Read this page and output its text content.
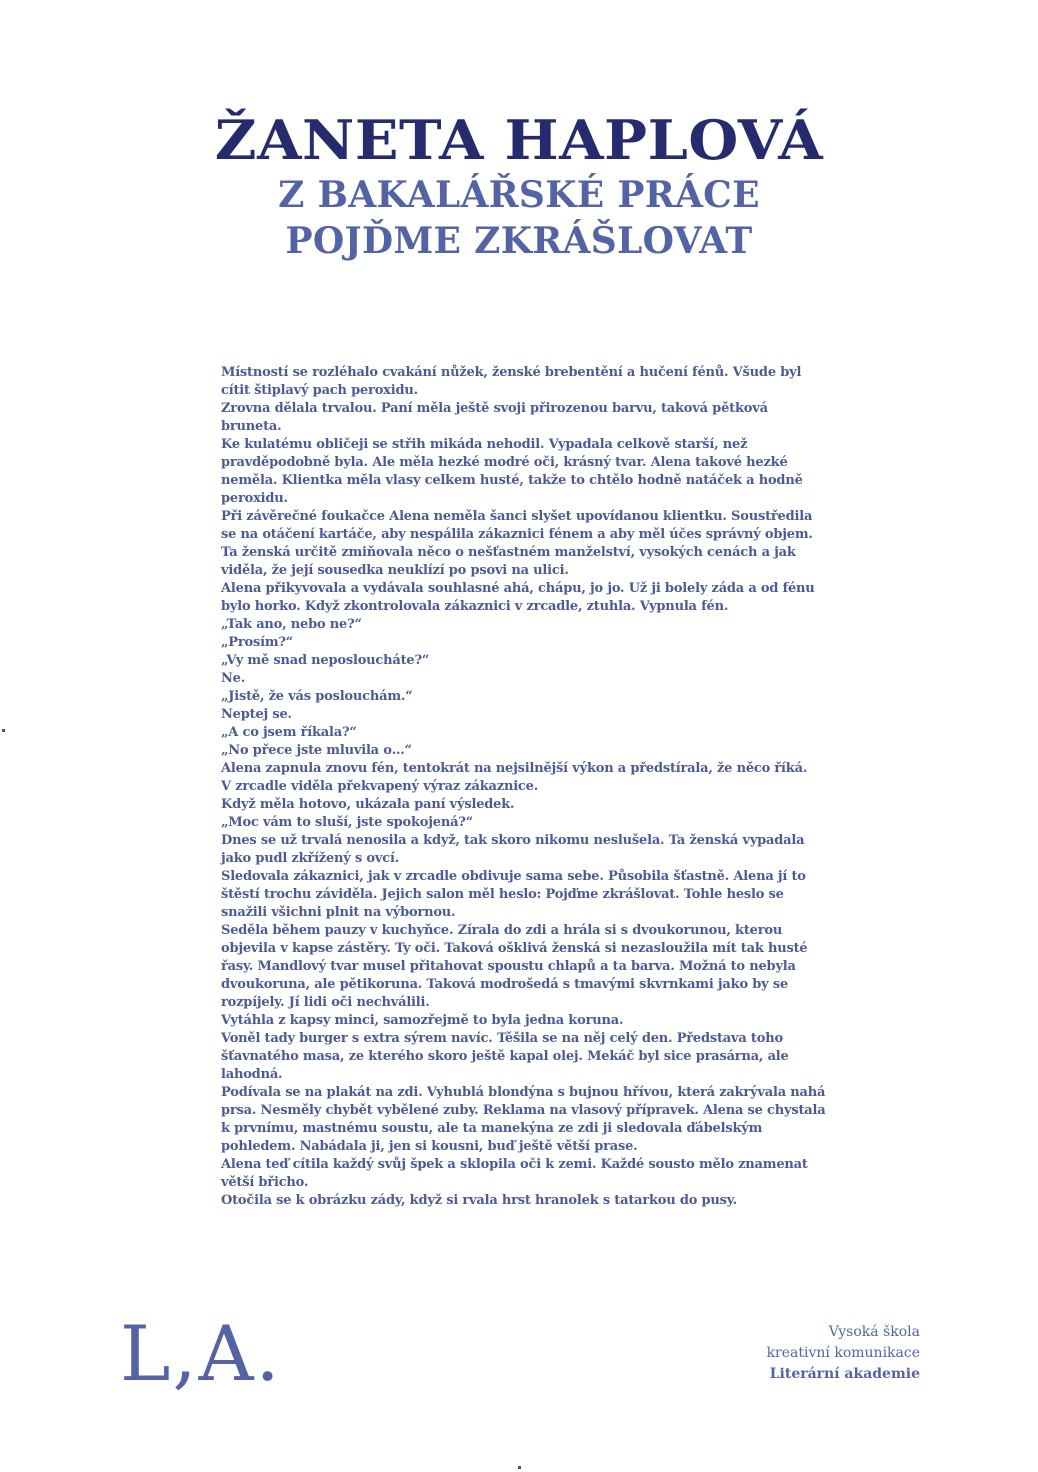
ŽANETA HAPLOVÁ
Z BAKALÁŘSKÉ PRÁCE
POJĎME ZKRÁŠLOVAT

Místností se rozléhalo cvakání nůžek, ženské brebentění a hučení fénů. Všude byl cítit štiplavý pach peroxidu.

Zrovna dělala trvalou. Paní měla ještě svoji přirozenou barvu, taková pětková bruneta.

Ke kulatému obličeji se střih mikáda nehodil. Vypadala celkově starší, než pravděpodobně byla. Ale měla hezké modré oči, krásný tvar. Alena takové hezké neměla. Klientka měla vlasy celkem husté, takže to chtělo hodně natáček a hodně peroxidu.

Při závěrečné foukačce Alena neměla šanci slyšet upovídanou klientku. Soustředila se na otáčení kartáče, aby nespálila zákaznici fénem a aby měl účes správný objem. Ta ženská určitě zmiňovala něco o nešťastném manželství, vysokých cenách a jak viděla, že její sousedka neuklízí po psovi na ulici.

Alena přikyvovala a vydávala souhlasné ahá, chápu, jo jo. Už ji bolely záda a od fénu bylo horko. Když zkontrolovala zákaznici v zrcadle, ztuhla. Vypnula fén.

„Tak ano, nebo ne?“

„Prosím?“

„Vy mě snad neposloucháte?“

Ne.

„Jistě, že vás poslouchám.“

Neptej se.

„A co jsem říkala?“

„No přece jste mluvila o…“

Alena zapnula znovu fén, tentokrát na nejsilnější výkon a předstírala, že něco říká.

V zrcadle viděla překvapený výraz zákaznice.

Když měla hotovo, ukázala paní výsledek.

„Moc vám to sluší, jste spokojená?“

Dnes se už trvalá nenosila a když, tak skoro nikomu neslušela. Ta ženská vypadala jako pudl zkřížený s ovcí.

Sledovala zákaznici, jak v zrcadle obdivuje sama sebe. Působila šťastně. Alena jí to štěstí trochu záviděla. Jejich salon měl heslo: Pojďme zkrášlovat. Tohle heslo se snažili všichni plnit na výbornou.

Seděla během pauzy v kuchyňce. Zírala do zdi a hrála si s dvoukorunou, kterou objevila v kapse zástěry. Ty oči. Taková ošklivá ženská si nezasloužila mít tak husté řasy. Mandlový tvar musel přitahovat spoustu chlapů a ta barva. Možná to nebyla dvoukoruna, ale pětikoruna. Taková modrošedá s tmavými skvrnkami jako by se rozpíjely. Jí lidi oči nechválili.

Vytáhla z kapsy minci, samozřejmě to byla jedna koruna.

Voněl tady burger s extra sýrem navíc. Těšila se na něj celý den. Představa toho šťavnatého masa, ze kterého skoro ještě kapal olej. Mekáč byl sice prasárna, ale lahodná.

Podívala se na plakát na zdi. Vyhublá blondýna s bujnou hřívou, která zakrývala nahá prsa. Nesměly chybět vybělené zuby. Reklama na vlasový přípravek. Alena se chystala k prvnímu, mastnému soustu, ale ta manekýna ze zdi ji sledovala ďábelským pohledem. Nabádala ji, jen si kousni, buď ještě větší prase.

Alena teď cítila každý svůj špek a sklopila oči k zemi. Každé sousto mělo znamenat větší břicho.

Otočila se k obrázku zády, když si rvala hrst hranolek s tatarkou do pusy.

L,A.	Vysoká škola
kreativní komunikace
Literární akademie
